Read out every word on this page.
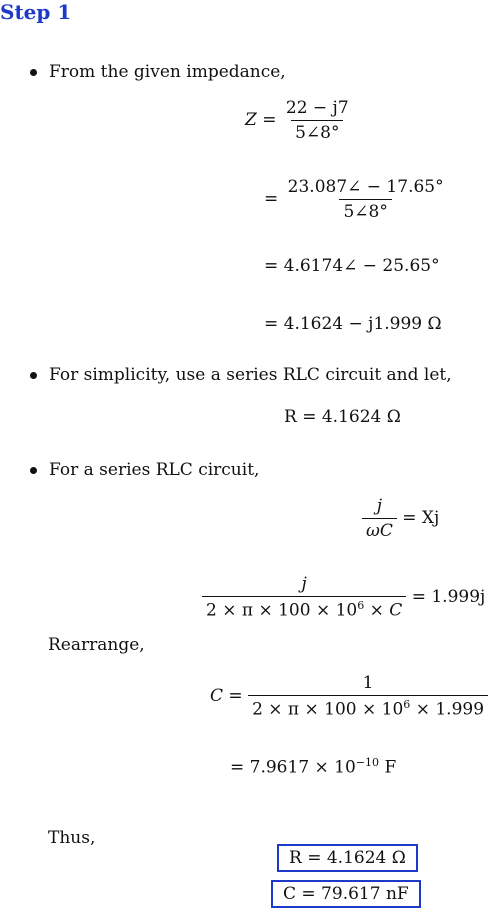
Step 1
From the given impedance,
$Z = \frac{22 - j7}{5\angle 8^\circ}$
= $\frac{23.087\angle - 17.65^\circ}{5\angle 8^\circ}$
= 4.6174∠ − 25.65°
= 4.1624 − j1.999 Ω
For simplicity, use a series RLC circuit and let,
R = 4.1624 Ω
For a series RLC circuit,
$\frac{j}{\omega C} = Xj$
$\frac{j}{2 \times \pi \times 100 \times 10^6 \times C} = 1.999j$
Rearrange,
$C = \frac{1}{2 \times \pi \times 100 \times 10^6 \times 1.999}$
= $7.9617 \times 10^{-10}$ F
Thus,
R = 4.1624 Ω
C = 79.617 nF
